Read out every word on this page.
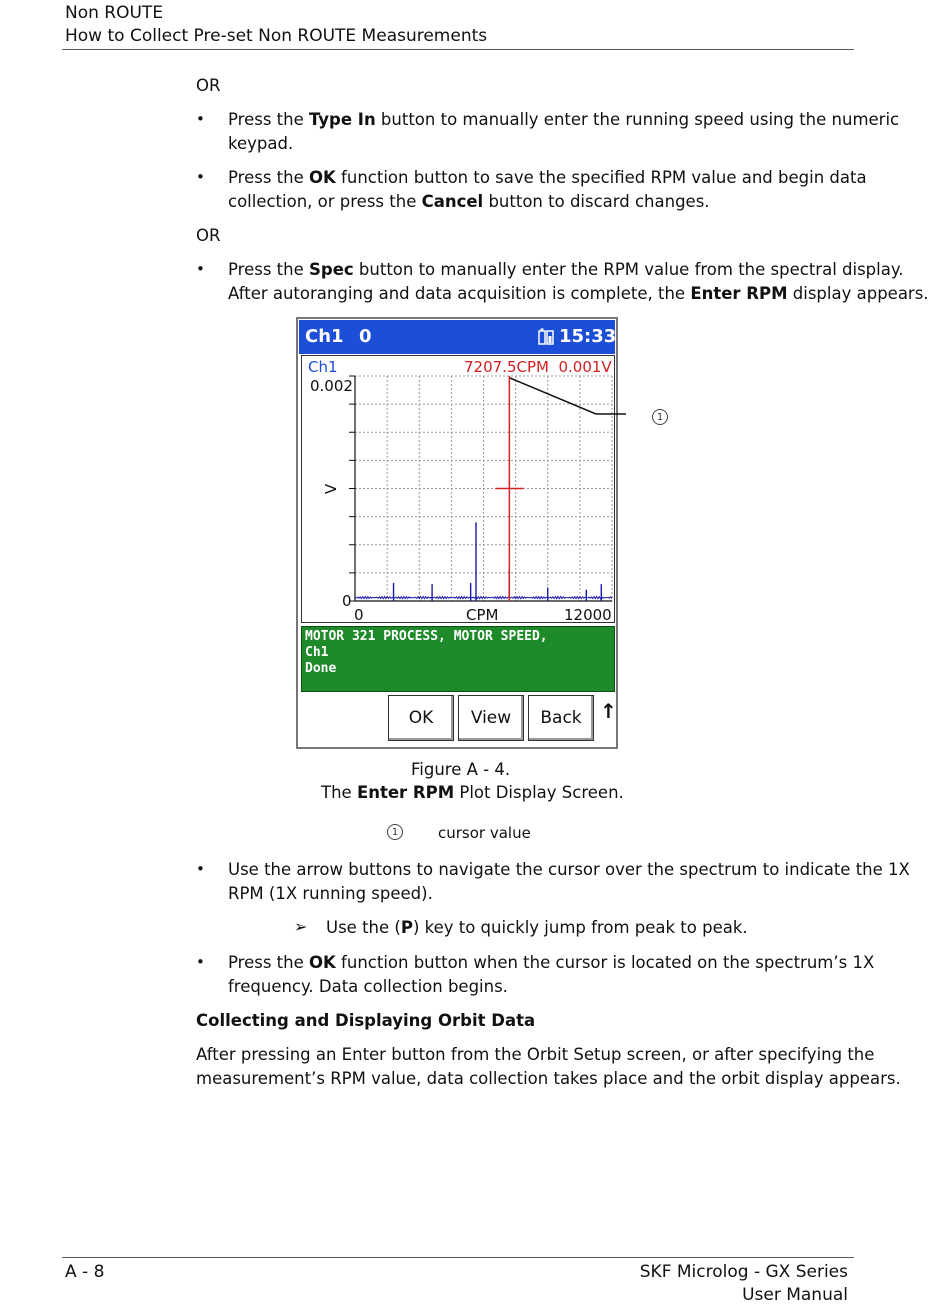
Non ROUTE
How to Collect Pre-set Non ROUTE Measurements
OR
• Press the Type In button to manually enter the running speed using the numeric
keypad.
• Press the OK function button to save the specified RPM value and begin data
collection, or press the Cancel button to discard changes.
OR
• Press the Spec button to manually enter the RPM value from the spectral display.
After autoranging and data acquisition is complete, the Enter RPM display appears.
Ch1 0	15:33
Ch1	7207.5CPM  0.001V
0.002
0
V
0	CPM	12000
MOTOR 321 PROCESS, MOTOR SPEED,
Ch1
Done
OK	View	Back ↑
1
Figure A - 4.
The Enter RPM Plot Display Screen.
1	cursor value
• Use the arrow buttons to navigate the cursor over the spectrum to indicate the 1X
RPM (1X running speed).
➢ Use the (P) key to quickly jump from peak to peak.
• Press the OK function button when the cursor is located on the spectrum’s 1X
frequency. Data collection begins.
Collecting and Displaying Orbit Data
After pressing an Enter button from the Orbit Setup screen, or after specifying the
measurement’s RPM value, data collection takes place and the orbit display appears.
A - 8	SKF Microlog - GX Series
User Manual
